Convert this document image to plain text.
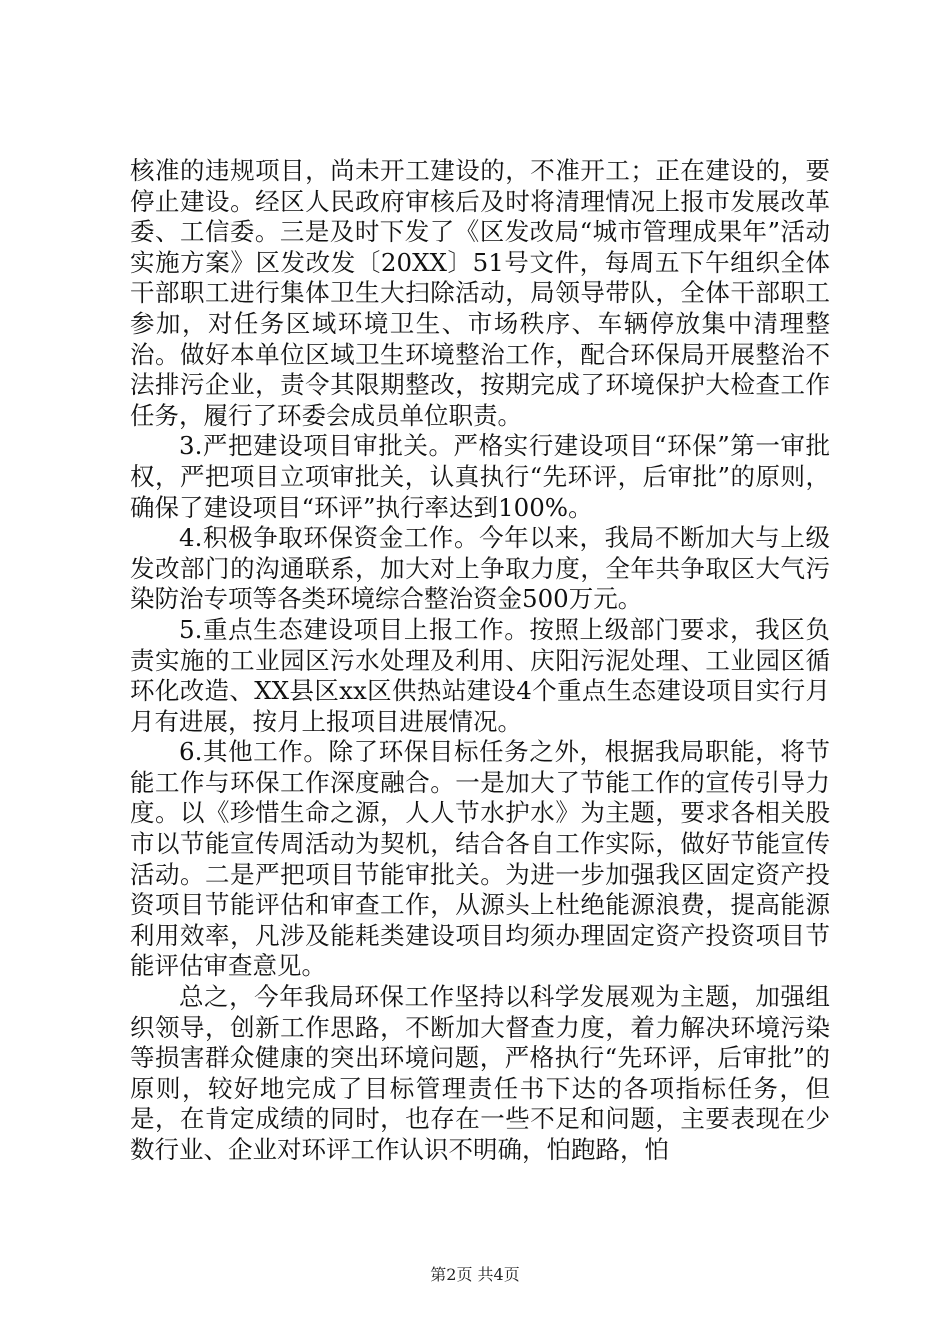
核准的违规项目，尚未开工建设的，不准开工；正在建设的，要停止建设。经区人民政府审核后及时将清理情况上报市发展改革委、工信委。三是及时下发了《区发改局“城市管理成果年”活动实施方案》区发改发〔20XX〕51号文件，每周五下午组织全体干部职工进行集体卫生大扫除活动，局领导带队，全体干部职工参加，对任务区域环境卫生、市场秩序、车辆停放集中清理整治。做好本单位区域卫生环境整治工作，配合环保局开展整治不法排污企业，责令其限期整改，按期完成了环境保护大检查工作任务，履行了环委会成员单位职责。

3.严把建设项目审批关。严格实行建设项目“环保”第一审批权，严把项目立项审批关，认真执行“先环评，后审批”的原则，确保了建设项目“环评”执行率达到100%。

4.积极争取环保资金工作。今年以来，我局不断加大与上级发改部门的沟通联系，加大对上争取力度，全年共争取区大气污染防治专项等各类环境综合整治资金500万元。

5.重点生态建设项目上报工作。按照上级部门要求，我区负责实施的工业园区污水处理及利用、庆阳污泥处理、工业园区循环化改造、XX县区xx区供热站建设4个重点生态建设项目实行月月有进展，按月上报项目进展情况。

6.其他工作。除了环保目标任务之外，根据我局职能，将节能工作与环保工作深度融合。一是加大了节能工作的宣传引导力度。以《珍惜生命之源，人人节水护水》为主题，要求各相关股市以节能宣传周活动为契机，结合各自工作实际，做好节能宣传活动。二是严把项目节能审批关。为进一步加强我区固定资产投资项目节能评估和审查工作，从源头上杜绝能源浪费，提高能源利用效率，凡涉及能耗类建设项目均须办理固定资产投资项目节能评估审查意见。

总之，今年我局环保工作坚持以科学发展观为主题，加强组织领导，创新工作思路，不断加大督查力度，着力解决环境污染等损害群众健康的突出环境问题，严格执行“先环评，后审批”的原则，较好地完成了目标管理责任书下达的各项指标任务，但是，在肯定成绩的同时，也存在一些不足和问题，主要表现在少数行业、企业对环评工作认识不明确，怕跑路，怕

第2页 共4页
